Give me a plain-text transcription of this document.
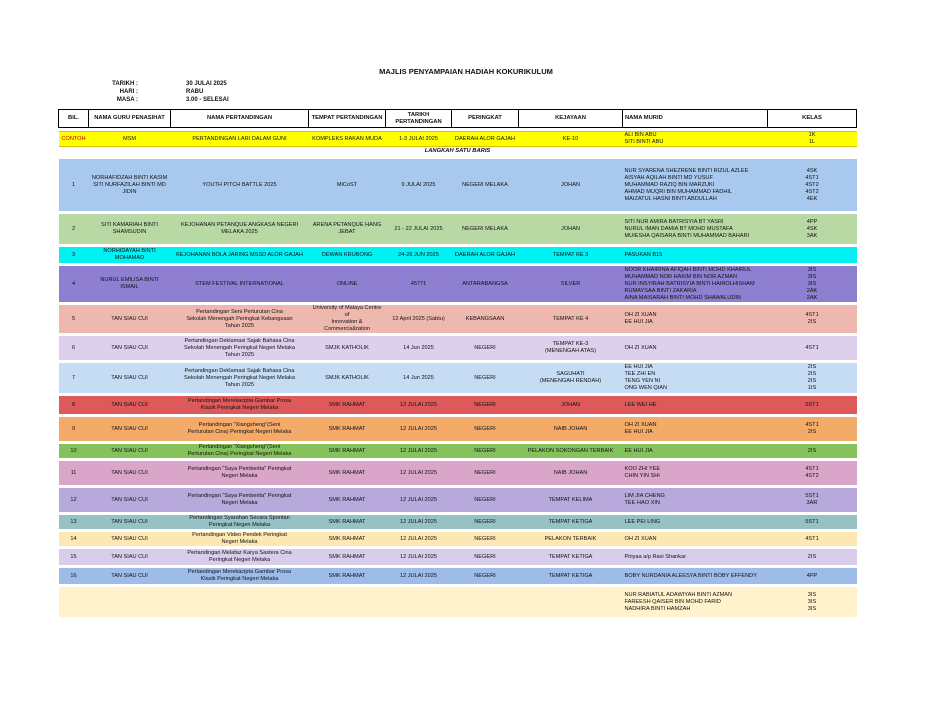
MAJLIS PENYAMPAIAN HADIAH KOKURIKULUM
TARIKH :	30 JULAI 2025
HARI :	RABU
MASA :	3.00 - SELESAI
BIL.	NAMA GURU PENASIHAT	NAMA PERTANDINGAN	TEMPAT PERTANDINGAN	TARIKH
PERTANDINGAN	PERINGKAT	KEJAYAAN	NAMA MURID	KELAS

CONTOH	MSM	PERTANDINGAN LARI DALAM GUNI	KOMPLEKS RAKAN MUDA	1-3 JULAI 2025	DAERAH ALOR GAJAH	KE-10	ALI BIN ABU
SITI BINTI ABU	1K
1L

LANGKAH SATU BARIS								

1	NORHAFIDZAH BINTI KASIM
SITI NURFAZILAH BINTI MD JIDIN	YOUTH PITCH BATTLE 2025	MiCoST	9 JULAI 2025	NEGERI MELAKA	JOHAN	NUR SYARENA SHEZRENE BINTI RIZUL AZLEE
AISYAH AQILAH BINTI MD YUSUF
MUHAMMAD RAZIQ BIN MARZUKI
AHMAD MUQRI BIN MUHAMMAD FADHIL
MAIZATUL HASNI BINTI ABDULLAH	4SK
4ST1
4ST2
4ST2
4EK

2	SITI KAMARIAH BINTI SHAMSUDIN	KEJOHANAN PETANQUE ANGKASA NEGERI MELAKA 2025	ARENA PETANQUE HANG JEBAT	21 - 22 JULAI 2025	NEGERI MELAKA	JOHAN	SITI NUR AMIRA BATRISYIA BT YASRI
NURUL IMAN DAMIA BT MOHD MUSTAFA
MUIESHA QAISARA BINTI MUHAMMAD BAHARI	4PP
4SK
3AK

3	NORHIDAYAH BINTI MOHAMAD	KEJOHANAN BOLA JARING MSSD ALOR GAJAH	DEWAN KRUBONG	24-26 JUN 2025	DAERAH ALOR GAJAH	TEMPAT KE 3	PASUKAN B15	

4	NURUL EMILISA BINTI ISMAIL	STEM FESTIVAL INTERNATIONAL	ONLINE	45771	ANTARABANGSA	SILVER	NOOR KHAIRINA AFIQAH BINTI MOHD KHAIRUL
MUHAMMAD NOR HAKIM BIN NOR AZMAN
NUR INSYIRAH BATRISYIA BINTI HAIROLHISHAM
RUMAYSAA BINTI ZAKARIA
AINA MAISARAH BINTI MOHD SHAWALUDIN	3IS
3IS
3IS
2AK
2AK

5	TAN SIAU CUI	Pertandingan Seni Perturutan Cina
Sekolah Menengah Peringkat Kebangsaan
Tahun 2025	University of Malaya Centre of
Innovation &
Commercialization	12 April 2025 (Sabtu)	KEBANGSAAN	TEMPAT KE 4	OH ZI XUAN
EE HUI JIA	4ST1
2IS

6	TAN SIAU CUI	Pertandingan Deklamasi Sajak Bahasa Cina
Sekolah Menengah Peringkat Negeri Melaka
Tahun 2025	SMJK KATHOLIK	14 Jun 2025	NEGERI	TEMPAT KE-3
(MENENGAH ATAS)	OH ZI XUAN	4ST1

7	TAN SIAU CUI	Pertandingan Deklamasi Sajak Bahasa Cina
Sekolah Menengah Peringkat Negeri Melaka
Tahun 2025	SMJK KATHOLIK	14 Jun 2025	NEGERI	SAGUHATI
(MENENGAH RENDAH)	EE HUI JIA
TEE ZHI EN
TENG YEN NI
ONG WEN QIAN	2IS
2IS
2IS
1IS

8	TAN SIAU CUI	Pertandingan Merekacipta Gambar Prosa
Klasik Peringkat Negeri Melaka	SMK RAHMAT	12 JULAI 2025	NEGERI	JOHAN	LEE WEI HE	5ST1

9	TAN SIAU CUI	Pertandingan "Xiangsheng"(Seni
Perturutan Cina) Peringkat Negeri Melaka	SMK RAHMAT	12 JULAI 2025	NEGERI	NAIB JOHAN	OH ZI XUAN
EE HUI JIA	4ST1
2IS

10	TAN SIAU CUI	Pertandingan "Xiangsheng"(Seni
Perturutan Cina) Peringkat Negeri Melaka	SMK RAHMAT	12 JULAI 2025	NEGERI	PELAKON SOKONGAN TERBAIK	EE HUI JIA	2IS

11	TAN SIAU CUI	Pertandingan "Saya Pemberita" Peringkat
Negeri Melaka	SMK RAHMAT	12 JULAI 2025	NEGERI	NAIB JOHAN	KOO ZHI YEE
CHIN YIN SHI	4ST1
4ST2

12	TAN SIAU CUI	Pertandingan "Saya Pemberita" Peringkat
Negeri Melaka	SMK RAHMAT	12 JULAI 2025	NEGERI	TEMPAT KELIMA	LIM JIA CHENG
TEE HAO XIN	5ST1
3AR

13	TAN SIAU CUI	Pertandingan Syarahan Secara Spontan
Peringkat Negeri Melaka	SMK RAHMAT	12 JULAI 2025	NEGERI	TEMPAT KETIGA	LEE PEI LING	5ST1

14	TAN SIAU CUI	Pertandingan Video Pendek Peringkat
Negeri Melaka	SMK RAHMAT	12 JULAI 2025	NEGERI	PELAKON TERBAIK	OH ZI XUAN	4ST1

15	TAN SIAU CUI	Pertandingan Melafaz Karya Sastera Cina
Peringkat Negeri Melaka	SMK RAHMAT	12 JULAI 2025	NEGERI	TEMPAT KETIGA	Piriyaa a/p Ravi Shankar	2IS

16	TAN SIAU CUI	Pertandingan Merekacipta Gambar Prosa
Klasik Peringkat Negeri Melaka	SMK RAHMAT	12 JULAI 2025	NEGERI	TEMPAT KETIGA	BOBY NURDANIA ALEESYA BINTI BOBY EFFENDY	4PP

							NUR RABIATUL ADAWIYAH BINTI AZMAN
FAREESH QAISER BIN MOHD FARID
NADHIRA BINTI HAMZAH	3IS
3IS
3IS
